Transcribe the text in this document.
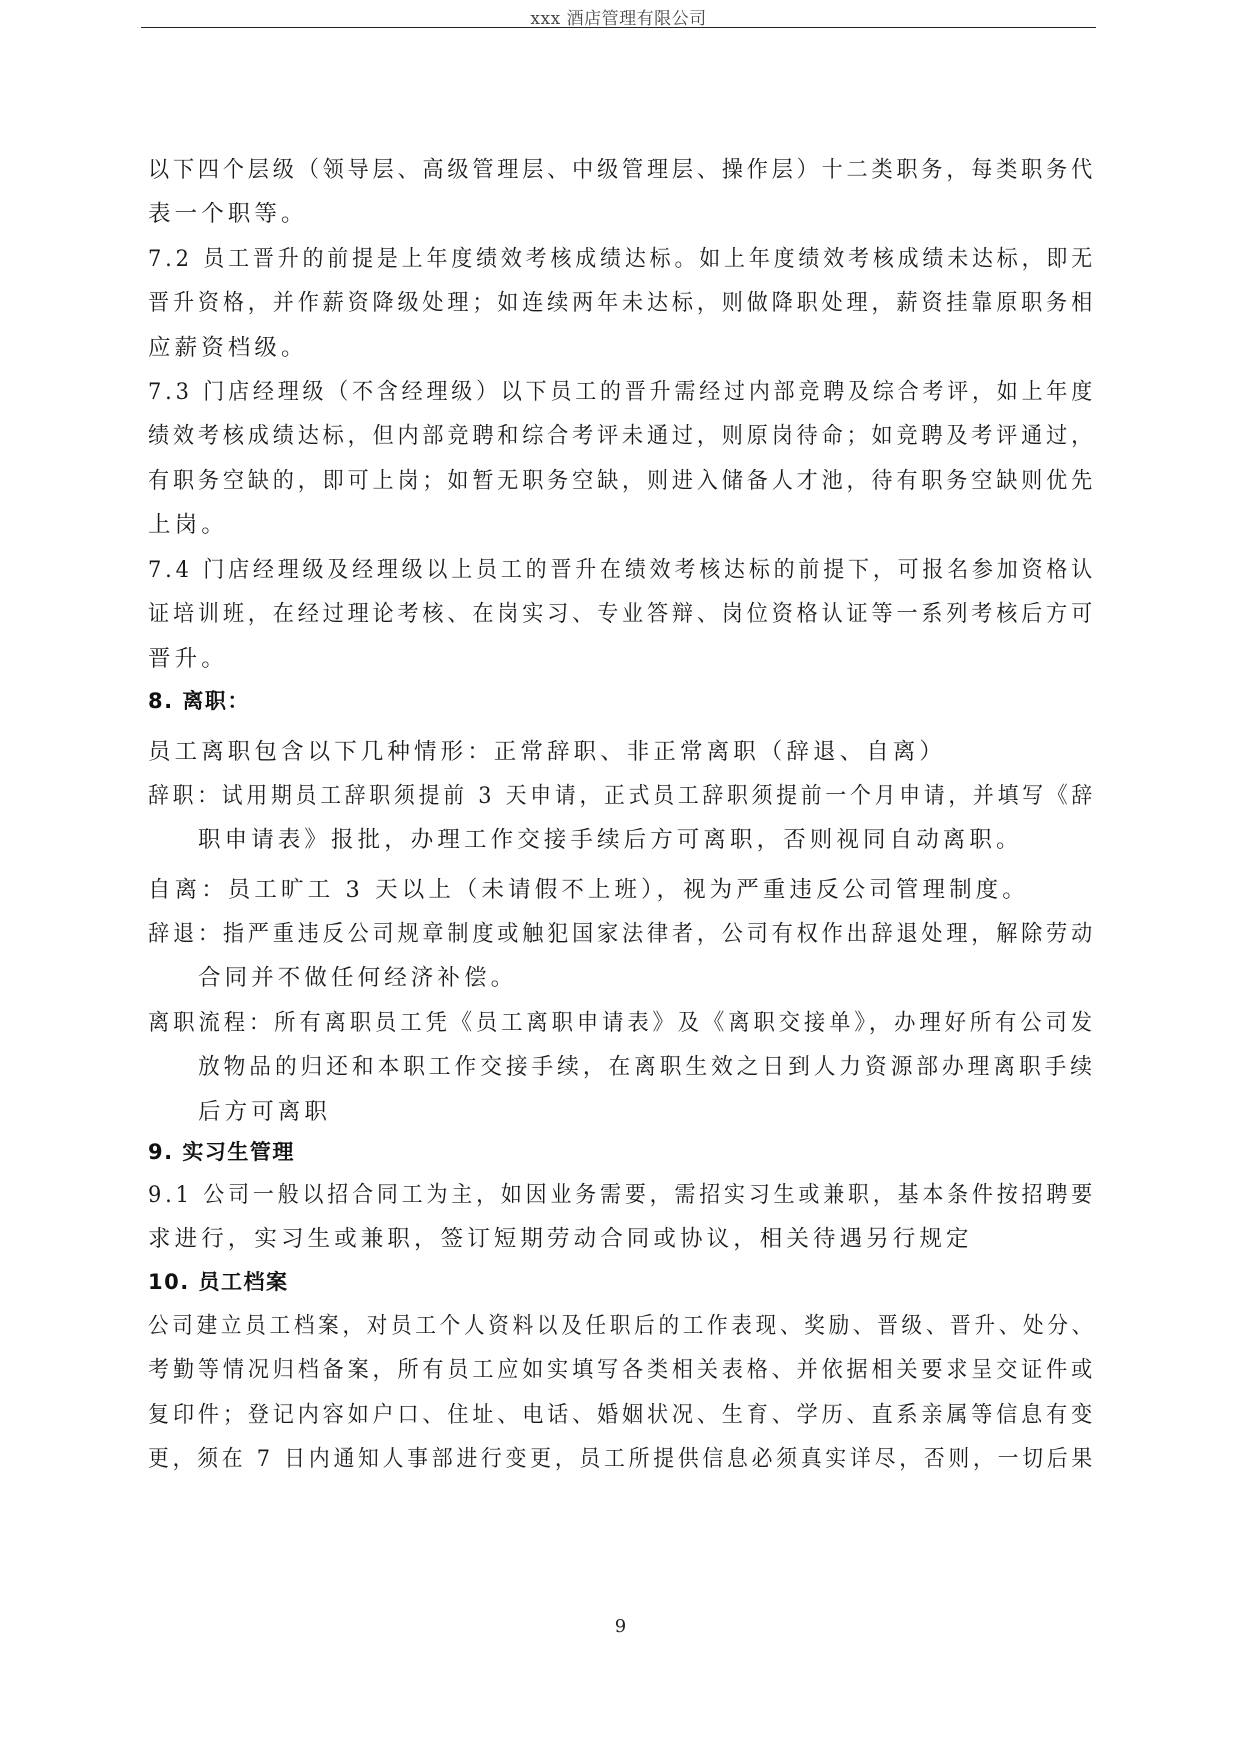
xxx 酒店管理有限公司
以下四个层级（领导层、高级管理层、中级管理层、操作层）十二类职务，每类职务代
表一个职等。
7.2 员工晋升的前提是上年度绩效考核成绩达标。如上年度绩效考核成绩未达标，即无
晋升资格，并作薪资降级处理；如连续两年未达标，则做降职处理，薪资挂靠原职务相
应薪资档级。
7.3 门店经理级（不含经理级）以下员工的晋升需经过内部竞聘及综合考评，如上年度
绩效考核成绩达标，但内部竞聘和综合考评未通过，则原岗待命；如竞聘及考评通过，
有职务空缺的，即可上岗；如暂无职务空缺，则进入储备人才池，待有职务空缺则优先
上岗。
7.4 门店经理级及经理级以上员工的晋升在绩效考核达标的前提下，可报名参加资格认
证培训班，在经过理论考核、在岗实习、专业答辩、岗位资格认证等一系列考核后方可
晋升。
8. 离职：
员工离职包含以下几种情形：正常辞职、非正常离职（辞退、自离）
辞职：试用期员工辞职须提前 3 天申请，正式员工辞职须提前一个月申请，并填写《辞
职申请表》报批，办理工作交接手续后方可离职，否则视同自动离职。
自离：员工旷工 3 天以上（未请假不上班），视为严重违反公司管理制度。
辞退：指严重违反公司规章制度或触犯国家法律者，公司有权作出辞退处理，解除劳动
合同并不做任何经济补偿。
离职流程：所有离职员工凭《员工离职申请表》及《离职交接单》，办理好所有公司发
放物品的归还和本职工作交接手续，在离职生效之日到人力资源部办理离职手续
后方可离职
9. 实习生管理
9.1 公司一般以招合同工为主，如因业务需要，需招实习生或兼职，基本条件按招聘要
求进行，实习生或兼职，签订短期劳动合同或协议，相关待遇另行规定
10. 员工档案
公司建立员工档案，对员工个人资料以及任职后的工作表现、奖励、晋级、晋升、处分、
考勤等情况归档备案，所有员工应如实填写各类相关表格、并依据相关要求呈交证件或
复印件；登记内容如户口、住址、电话、婚姻状况、生育、学历、直系亲属等信息有变
更，须在 7 日内通知人事部进行变更，员工所提供信息必须真实详尽，否则，一切后果
9
